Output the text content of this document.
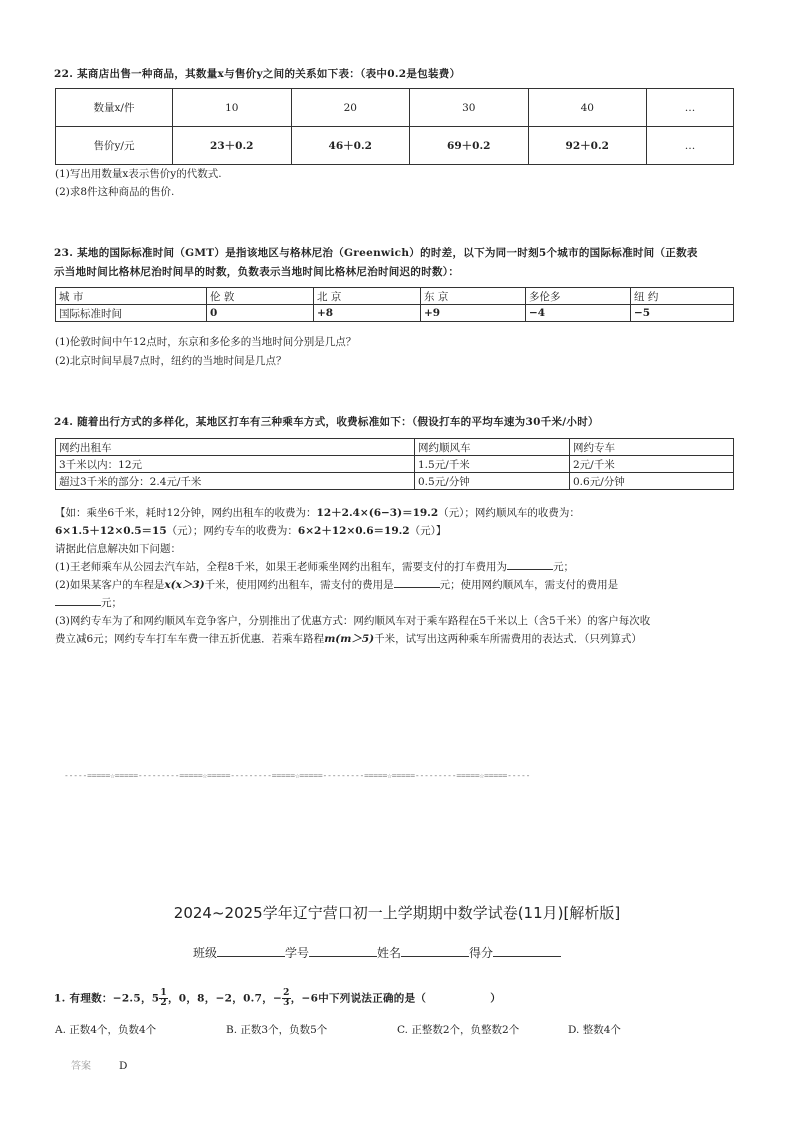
22. 某商店出售一种商品，其数量x与售价y之间的关系如下表：（表中0.2是包装费）
数量x/件	10	20	30	40	…
售价y/元	23＋0.2	46＋0.2	69＋0.2	92＋0.2	…
(1)写出用数量x表示售价y的代数式.
(2)求8件这种商品的售价.
23. 某地的国际标准时间（GMT）是指该地区与格林尼治（Greenwich）的时差，以下为同一时刻5个城市的国际标准时间（正数表
示当地时间比格林尼治时间早的时数，负数表示当地时间比格林尼治时间迟的时数）：
城 市	伦 敦	北 京	东 京	多伦多	纽 约
国际标准时间	0	+8	+9	−4	−5
(1)伦敦时间中午12点时，东京和多伦多的当地时间分别是几点？
(2)北京时间早晨7点时，纽约的当地时间是几点？
24. 随着出行方式的多样化，某地区打车有三种乘车方式，收费标准如下：（假设打车的平均车速为30千米/小时）
网约出租车	网约顺风车	网约专车
3千米以内：12元	1.5元/千米	2元/千米
超过3千米的部分：2.4元/千米	0.5元/分钟	0.6元/分钟
【如：乘坐6千米，耗时12分钟，网约出租车的收费为：12＋2.4×(6−3)＝19.2（元）；网约顺风车的收费为：
6×1.5＋12×0.5＝15（元）；网约专车的收费为：6×2＋12×0.6＝19.2（元）】
请据此信息解决如下问题：
(1)王老师乘车从公园去汽车站，全程8千米，如果王老师乘坐网约出租车，需要支付的打车费用为	元；
(2)如果某客户的车程是x(x＞3)千米，使用网约出租车，需支付的费用是	元；使用网约顺风车，需支付的费用是
元；
(3)网约专车为了和网约顺风车竞争客户，分别推出了优惠方式：网约顺风车对于乘车路程在5千米以上（含5千米）的客户每次收
费立减6元；网约专车打车车费一律五折优惠．若乘车路程m(m＞5)千米，试写出这两种乘车所需费用的表达式．（只列算式）
-----=====☆=====---------=====☆=====---------=====☆=====---------=====☆=====---------=====☆=====-----
2024~2025学年辽宁营口初一上学期期中数学试卷(11月)[解析版]
班级	学号	姓名	得分
1. 有理数：−2.5，$5 \frac{1}{2}$ ，0，8，−2，0.7，− $\frac{2}{3}$ ，−6中下列说法正确的是（	）
A. 正数4个，负数4个	B. 正数3个，负数5个	C. 正整数2个，负整数2个	D. 整数4个
答案	D
